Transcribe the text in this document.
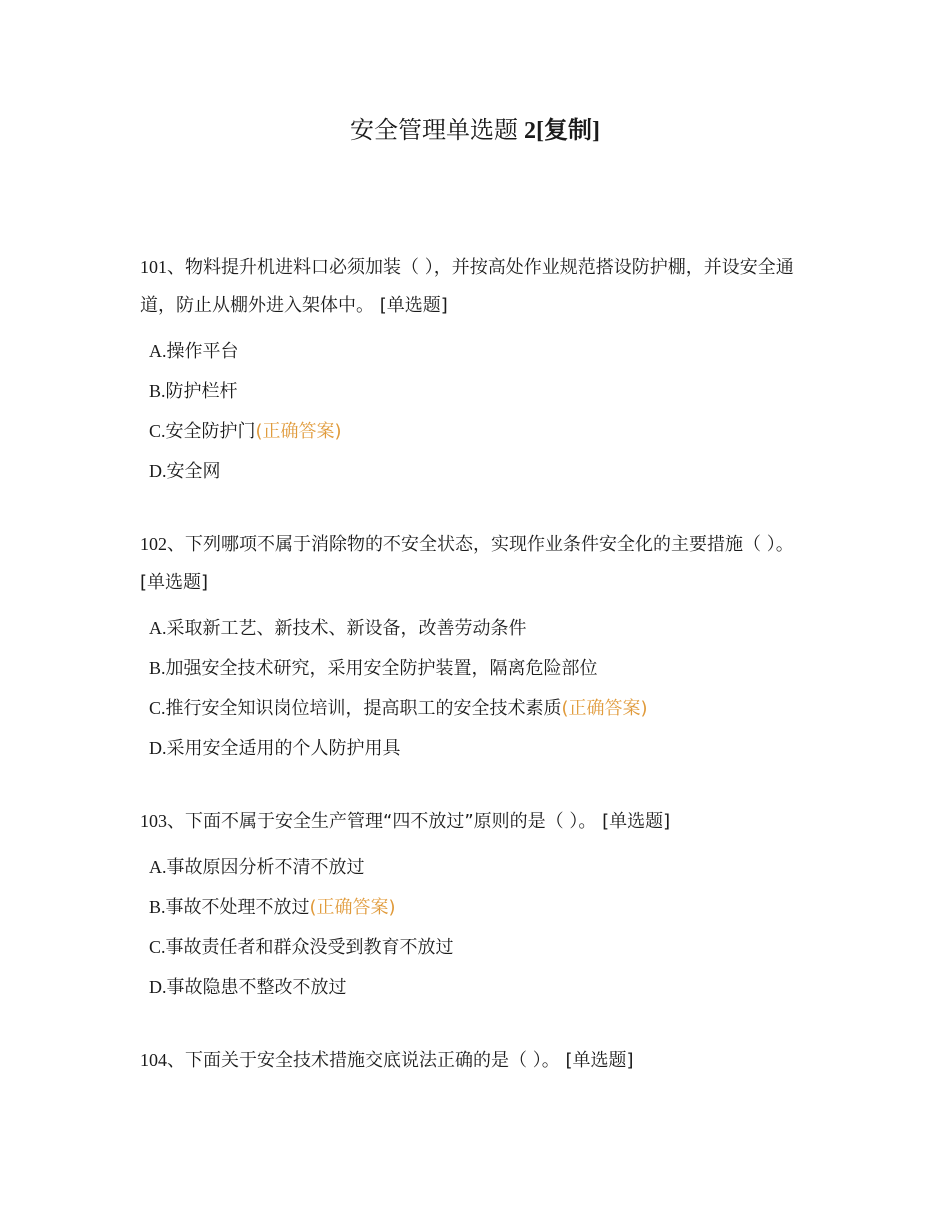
安全管理单选题 2[复制]

101、物料提升机进料口必须加装（ ），并按高处作业规范搭设防护棚，并设安全通道，防止从棚外进入架体中。 [单选题]

A.操作平台
B.防护栏杆
C.安全防护门(正确答案)
D.安全网

102、下列哪项不属于消除物的不安全状态，实现作业条件安全化的主要措施（ ）。 [单选题]

A.采取新工艺、新技术、新设备，改善劳动条件
B.加强安全技术研究，采用安全防护装置，隔离危险部位
C.推行安全知识岗位培训，提高职工的安全技术素质(正确答案)
D.采用安全适用的个人防护用具

103、下面不属于安全生产管理“四不放过”原则的是（ ）。 [单选题]

A.事故原因分析不清不放过
B.事故不处理不放过(正确答案)
C.事故责任者和群众没受到教育不放过
D.事故隐患不整改不放过

104、下面关于安全技术措施交底说法正确的是（ ）。 [单选题]
